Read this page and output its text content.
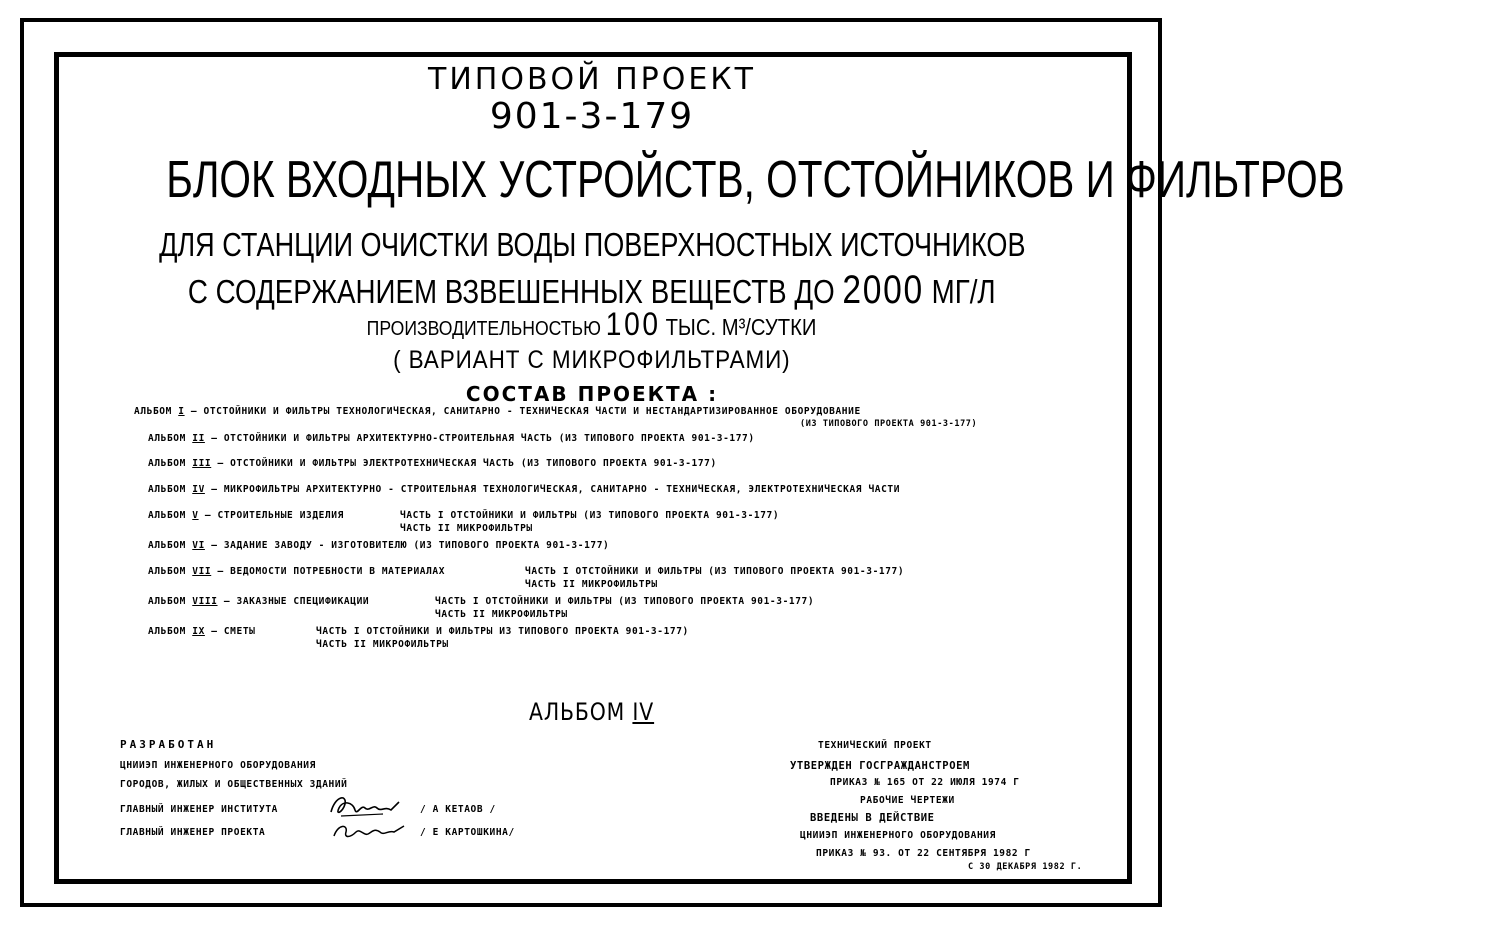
ТИПОВОЙ ПРОЕКТ
901-3-179
БЛОК ВХОДНЫХ УСТРОЙСТВ, ОТСТОЙНИКОВ И ФИЛЬТРОВ
ДЛЯ СТАНЦИИ ОЧИСТКИ ВОДЫ ПОВЕРХНОСТНЫХ ИСТОЧНИКОВ
С СОДЕРЖАНИЕМ ВЗВЕШЕННЫХ ВЕЩЕСТВ ДО 2000 МГ/Л
ПРОИЗВОДИТЕЛЬНОСТЬЮ 100 ТЫС. М³/СУТКИ
( ВАРИАНТ С МИКРОФИЛЬТРАМИ)
СОСТАВ ПРОЕКТА :
АЛЬБОМ I – ОТСТОЙНИКИ И ФИЛЬТРЫ ТЕХНОЛОГИЧЕСКАЯ, САНИТАРНО - ТЕХНИЧЕСКАЯ ЧАСТИ И НЕСТАНДАРТИЗИРОВАННОЕ ОБОРУДОВАНИЕ
(ИЗ ТИПОВОГО ПРОЕКТА 901-3-177)
АЛЬБОМ II – ОТСТОЙНИКИ И ФИЛЬТРЫ АРХИТЕКТУРНО-СТРОИТЕЛЬНАЯ ЧАСТЬ (ИЗ ТИПОВОГО ПРОЕКТА 901-3-177)
АЛЬБОМ III – ОТСТОЙНИКИ И ФИЛЬТРЫ ЭЛЕКТРОТЕХНИЧЕСКАЯ ЧАСТЬ (ИЗ ТИПОВОГО ПРОЕКТА 901-3-177)
АЛЬБОМ IV – МИКРОФИЛЬТРЫ АРХИТЕКТУРНО - СТРОИТЕЛЬНАЯ ТЕХНОЛОГИЧЕСКАЯ, САНИТАРНО - ТЕХНИЧЕСКАЯ, ЭЛЕКТРОТЕХНИЧЕСКАЯ ЧАСТИ
АЛЬБОМ V – СТРОИТЕЛЬНЫЕ ИЗДЕЛИЯ	ЧАСТЬ I ОТСТОЙНИКИ И ФИЛЬТРЫ (ИЗ ТИПОВОГО ПРОЕКТА 901-3-177)
ЧАСТЬ II МИКРОФИЛЬТРЫ
АЛЬБОМ VI – ЗАДАНИЕ ЗАВОДУ - ИЗГОТОВИТЕЛЮ (ИЗ ТИПОВОГО ПРОЕКТА 901-3-177)
АЛЬБОМ VII – ВЕДОМОСТИ ПОТРЕБНОСТИ В МАТЕРИАЛАХ	ЧАСТЬ I ОТСТОЙНИКИ И ФИЛЬТРЫ (ИЗ ТИПОВОГО ПРОЕКТА 901-3-177)
ЧАСТЬ II МИКРОФИЛЬТРЫ
АЛЬБОМ VIII – ЗАКАЗНЫЕ СПЕЦИФИКАЦИИ	ЧАСТЬ I ОТСТОЙНИКИ И ФИЛЬТРЫ (ИЗ ТИПОВОГО ПРОЕКТА 901-3-177)
ЧАСТЬ II МИКРОФИЛЬТРЫ
АЛЬБОМ IX – СМЕТЫ	ЧАСТЬ I ОТСТОЙНИКИ И ФИЛЬТРЫ ИЗ ТИПОВОГО ПРОЕКТА 901-3-177)
ЧАСТЬ II МИКРОФИЛЬТРЫ
АЛЬБОМ IV
РАЗРАБОТАН
ЦНИИЭП ИНЖЕНЕРНОГО ОБОРУДОВАНИЯ
ГОРОДОВ, ЖИЛЫХ И ОБЩЕСТВЕННЫХ ЗДАНИЙ
ГЛАВНЫЙ ИНЖЕНЕР ИНСТИТУТА	/ А КЕТАОВ /
ГЛАВНЫЙ ИНЖЕНЕР ПРОЕКТА	/ Е КАРТОШКИНА/
ТЕХНИЧЕСКИЙ ПРОЕКТ
УТВЕРЖДЕН ГОСГРАЖДАНСТРОЕМ
ПРИКАЗ № 165 ОТ 22 ИЮЛЯ 1974 Г
РАБОЧИЕ ЧЕРТЕЖИ
ВВЕДЕНЫ В ДЕЙСТВИЕ
ЦНИИЭП ИНЖЕНЕРНОГО ОБОРУДОВАНИЯ
ПРИКАЗ № 93. ОТ 22 СЕНТЯБРЯ 1982 Г
С 30 ДЕКАБРЯ 1982 Г.
